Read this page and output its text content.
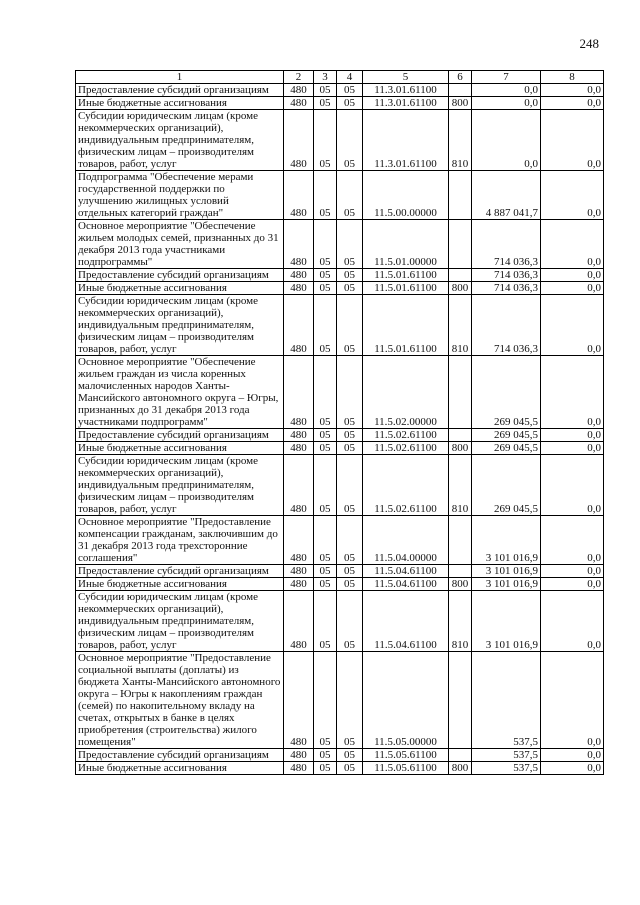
248
1	2	3	4	5	6	7	8
Предоставление субсидий организациям	480	05	05	11.3.01.61100		0,0	0,0
Иные бюджетные ассигнования	480	05	05	11.3.01.61100	800	0,0	0,0
Субсидии юридическим лицам (кроме некоммерческих организаций), индивидуальным предпринимателям, физическим лицам – производителям товаров, работ, услуг	480	05	05	11.3.01.61100	810	0,0	0,0
Подпрограмма "Обеспечение мерами государственной поддержки по улучшению жилищных условий отдельных категорий граждан"	480	05	05	11.5.00.00000		4 887 041,7	0,0
Основное мероприятие "Обеспечение жильем молодых семей, признанных до 31 декабря 2013 года участниками подпрограммы"	480	05	05	11.5.01.00000		714 036,3	0,0
Предоставление субсидий организациям	480	05	05	11.5.01.61100		714 036,3	0,0
Иные бюджетные ассигнования	480	05	05	11.5.01.61100	800	714 036,3	0,0
Субсидии юридическим лицам (кроме некоммерческих организаций), индивидуальным предпринимателям, физическим лицам – производителям товаров, работ, услуг	480	05	05	11.5.01.61100	810	714 036,3	0,0
Основное мероприятие "Обеспечение жильем граждан из числа коренных малочисленных народов Ханты-Мансийского автономного округа – Югры, признанных до 31 декабря 2013 года участниками подпрограмм"	480	05	05	11.5.02.00000		269 045,5	0,0
Предоставление субсидий организациям	480	05	05	11.5.02.61100		269 045,5	0,0
Иные бюджетные ассигнования	480	05	05	11.5.02.61100	800	269 045,5	0,0
Субсидии юридическим лицам (кроме некоммерческих организаций), индивидуальным предпринимателям, физическим лицам – производителям товаров, работ, услуг	480	05	05	11.5.02.61100	810	269 045,5	0,0
Основное мероприятие "Предоставление компенсации гражданам, заключившим до 31 декабря 2013 года трехсторонние соглашения"	480	05	05	11.5.04.00000		3 101 016,9	0,0
Предоставление субсидий организациям	480	05	05	11.5.04.61100		3 101 016,9	0,0
Иные бюджетные ассигнования	480	05	05	11.5.04.61100	800	3 101 016,9	0,0
Субсидии юридическим лицам (кроме некоммерческих организаций), индивидуальным предпринимателям, физическим лицам – производителям товаров, работ, услуг	480	05	05	11.5.04.61100	810	3 101 016,9	0,0
Основное мероприятие "Предоставление социальной выплаты (доплаты) из бюджета Ханты-Мансийского автономного округа – Югры к накоплениям граждан (семей) по накопительному вкладу на счетах, открытых в банке в целях приобретения (строительства) жилого помещения"	480	05	05	11.5.05.00000		537,5	0,0
Предоставление субсидий организациям	480	05	05	11.5.05.61100		537,5	0,0
Иные бюджетные ассигнования	480	05	05	11.5.05.61100	800	537,5	0,0
